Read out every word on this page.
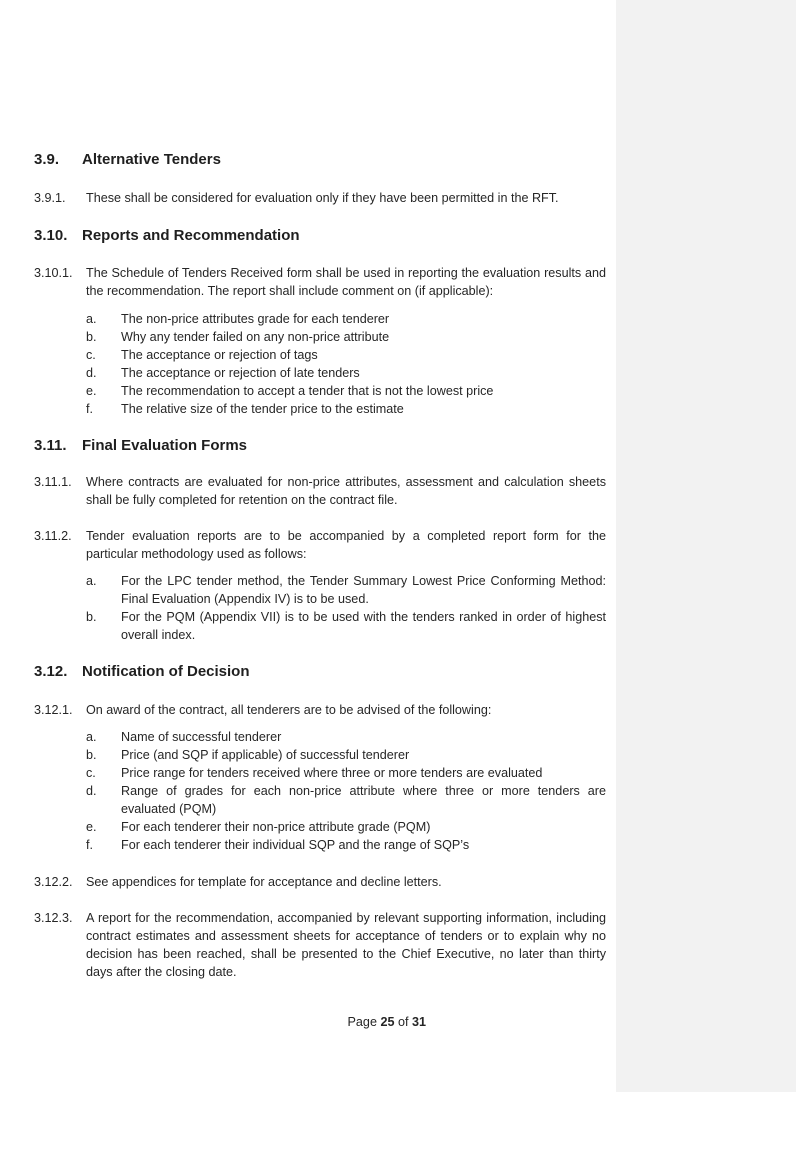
3.9. Alternative Tenders
3.9.1. These shall be considered for evaluation only if they have been permitted in the RFT.
3.10. Reports and Recommendation
3.10.1. The Schedule of Tenders Received form shall be used in reporting the evaluation results and the recommendation. The report shall include comment on (if applicable):
a. The non-price attributes grade for each tenderer
b. Why any tender failed on any non-price attribute
c. The acceptance or rejection of tags
d. The acceptance or rejection of late tenders
e. The recommendation to accept a tender that is not the lowest price
f. The relative size of the tender price to the estimate
3.11. Final Evaluation Forms
3.11.1. Where contracts are evaluated for non-price attributes, assessment and calculation sheets shall be fully completed for retention on the contract file.
3.11.2. Tender evaluation reports are to be accompanied by a completed report form for the particular methodology used as follows:
a. For the LPC tender method, the Tender Summary Lowest Price Conforming Method: Final Evaluation (Appendix IV) is to be used.
b. For the PQM (Appendix VII) is to be used with the tenders ranked in order of highest overall index.
3.12. Notification of Decision
3.12.1. On award of the contract, all tenderers are to be advised of the following:
a. Name of successful tenderer
b. Price (and SQP if applicable) of successful tenderer
c. Price range for tenders received where three or more tenders are evaluated
d. Range of grades for each non-price attribute where three or more tenders are evaluated (PQM)
e. For each tenderer their non-price attribute grade (PQM)
f. For each tenderer their individual SQP and the range of SQP’s
3.12.2. See appendices for template for acceptance and decline letters.
3.12.3. A report for the recommendation, accompanied by relevant supporting information, including contract estimates and assessment sheets for acceptance of tenders or to explain why no decision has been reached, shall be presented to the Chief Executive, no later than thirty days after the closing date.
Page 25 of 31
